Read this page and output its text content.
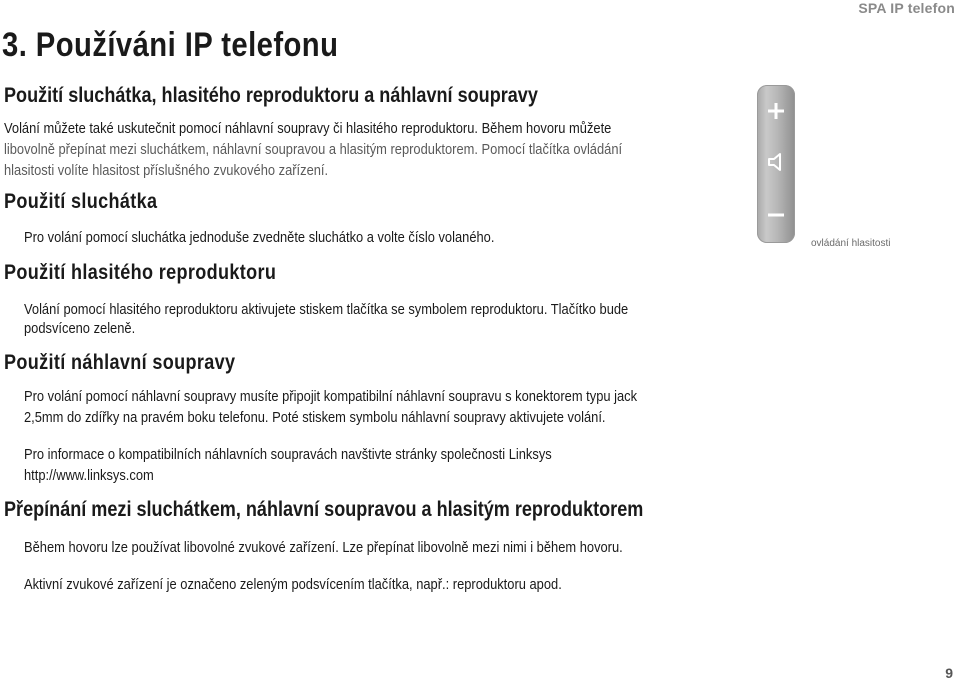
SPA IP telefon
3. Používáni IP telefonu
Použití sluchátka, hlasitého reproduktoru a náhlavní soupravy
Volání můžete také uskutečnit pomocí náhlavní soupravy či hlasitého reproduktoru. Během hovoru můžete
libovolně přepínat mezi sluchátkem, náhlavní soupravou a hlasitým reproduktorem. Pomocí tlačítka ovládání
hlasitosti volíte hlasitost příslušného zvukového zařízení.
Použití sluchátka
Pro volání pomocí sluchátka jednoduše zvedněte sluchátko a volte číslo volaného.
Použití hlasitého reproduktoru
Volání pomocí hlasitého reproduktoru aktivujete stiskem tlačítka se symbolem reproduktoru. Tlačítko bude
podsvíceno zeleně.
Použití náhlavní soupravy
Pro volání pomocí náhlavní soupravy musíte připojit kompatibilní náhlavní soupravu s konektorem typu jack
2,5mm do zdířky na pravém boku telefonu. Poté stiskem symbolu náhlavní soupravy aktivujete volání.
Pro informace o kompatibilních náhlavních soupravách navštivte stránky společnosti Linksys
http://www.linksys.com
Přepínání mezi sluchátkem, náhlavní soupravou a hlasitým reproduktorem
Během hovoru lze používat libovolné zvukové zařízení. Lze přepínat libovolně mezi nimi i během hovoru.
Aktivní zvukové zařízení je označeno zeleným podsvícením tlačítka, např.: reproduktoru apod.
ovládání hlasitosti
9
